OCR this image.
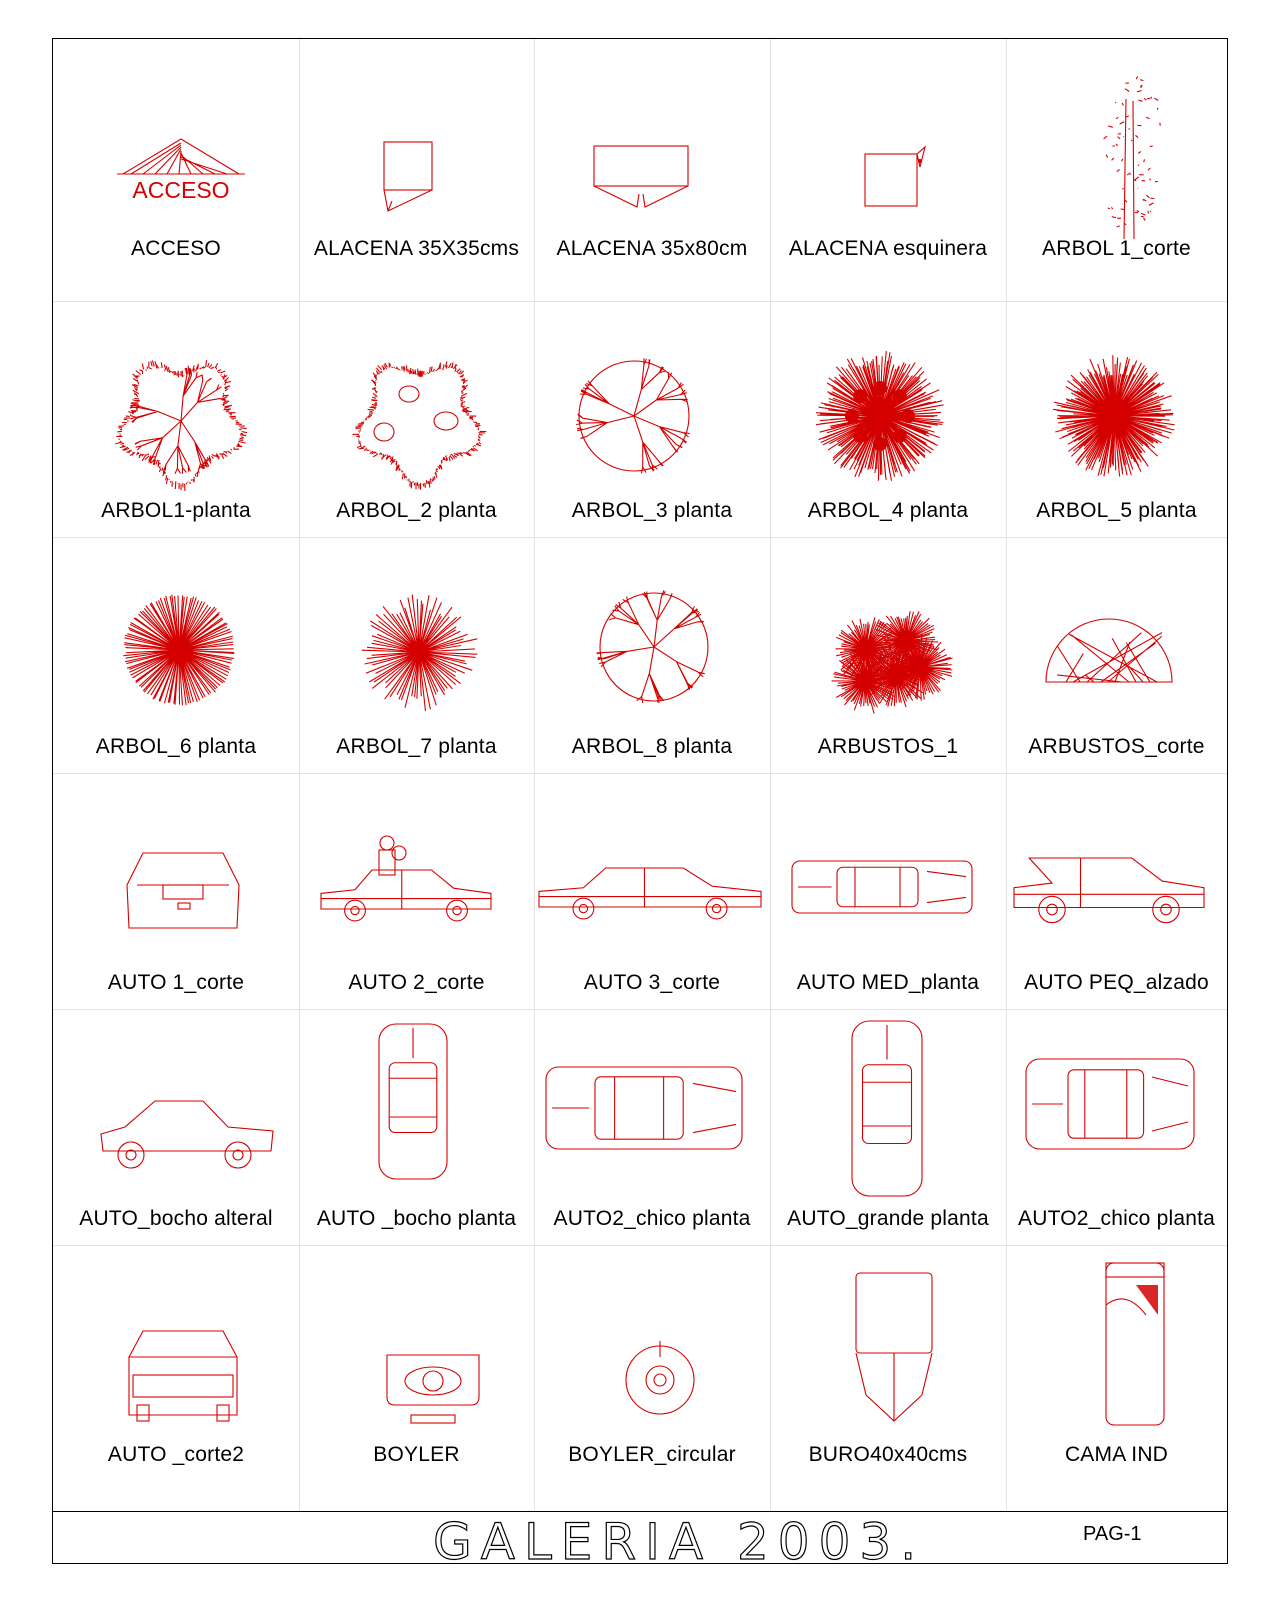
ACCESO
ACCESO	ALACENA 35X35cms	ALACENA 35x80cm	ALACENA esquinera	ARBOL 1_corte
ARBOL1-planta	ARBOL_2 planta	ARBOL_3 planta	ARBOL_4 planta	ARBOL_5 planta
ARBOL_6 planta	ARBOL_7 planta	ARBOL_8 planta	ARBUSTOS_1	ARBUSTOS_corte
AUTO 1_corte	AUTO 2_corte	AUTO 3_corte	AUTO MED_planta	AUTO PEQ_alzado
AUTO_bocho alteral	AUTO _bocho planta	AUTO2_chico planta	AUTO_grande planta	AUTO2_chico planta
AUTO _corte2	BOYLER	BOYLER_circular	BURO40x40cms	CAMA IND
GALERIA 2003.	PAG-1
